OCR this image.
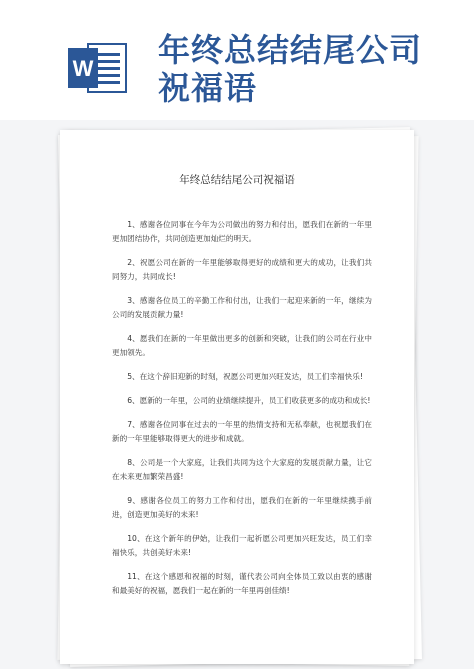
W 年终总结结尾公司
祝福语
年终总结结尾公司祝福语

1、感谢各位同事在今年为公司做出的努力和付出，愿我们在新的一年里更加团结协作，共同创造更加灿烂的明天。

2、祝愿公司在新的一年里能够取得更好的成绩和更大的成功，让我们共同努力，共同成长!

3、感谢各位员工的辛勤工作和付出，让我们一起迎来新的一年，继续为公司的发展贡献力量!

4、愿我们在新的一年里做出更多的创新和突破，让我们的公司在行业中更加领先。

5、在这个辞旧迎新的时刻，祝愿公司更加兴旺发达，员工们幸福快乐!

6、愿新的一年里，公司的业绩继续提升，员工们收获更多的成功和成长!

7、感谢各位同事在过去的一年里的热情支持和无私奉献，也祝愿我们在新的一年里能够取得更大的进步和成就。

8、公司是一个大家庭，让我们共同为这个大家庭的发展贡献力量，让它在未来更加繁荣昌盛!

9、感谢各位员工的努力工作和付出，愿我们在新的一年里继续携手前进，创造更加美好的未来!

10、在这个新年的伊始，让我们一起祈愿公司更加兴旺发达，员工们幸福快乐，共创美好未来!

11、在这个感恩和祝福的时刻，谨代表公司向全体员工致以由衷的感谢和最美好的祝福，愿我们一起在新的一年里再创佳绩!
